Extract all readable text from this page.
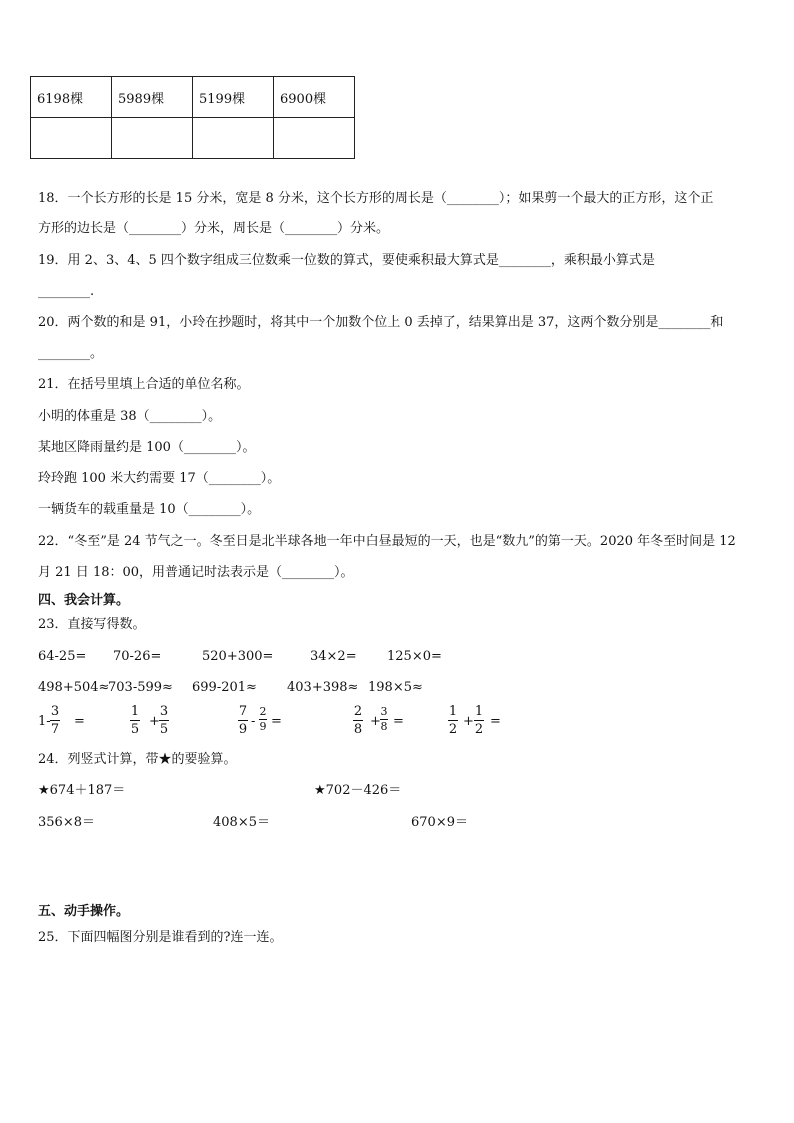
6198棵	5989棵	5199棵	6900棵

18．一个长方形的长是 15 分米，宽是 8 分米，这个长方形的周长是（________）；如果剪一个最大的正方形，这个正
方形的边长是（________）分米，周长是（________）分米。
19．用 2、3、4、5 四个数字组成三位数乘一位数的算式，要使乘积最大算式是________，乘积最小算式是
________.
20．两个数的和是 91，小玲在抄题时，将其中一个加数个位上 0 丢掉了，结果算出是 37，这两个数分别是________和
________。
21．在括号里填上合适的单位名称。
小明的体重是 38（________）。
某地区降雨量约是 100（________）。
玲玲跑 100 米大约需要 17（________）。
一辆货车的载重量是 10（________）。
22．“冬至”是 24 节气之一。冬至日是北半球各地一年中白昼最短的一天，也是“数九”的第一天。2020 年冬至时间是 12
月 21 日 18：00，用普通记时法表示是（________）。
四、我会计算。
23．直接写得数。
64-25= 70-26=	520+300=	34×2= 125×0=
498+504≈
703-599≈ 699-201≈ 403+398≈ 198×5≈
1-
3
7
=
1
5
+
3
5
7
9
-
2
9 =
2
8
+
3
8 =
1
2
+
1
2
=
24．列竖式计算，带★的要验算。
★674＋187＝	★702－426＝
356×8＝	408×5＝	670×9＝
五、动手操作。
25．下面四幅图分别是谁看到的?连一连。
